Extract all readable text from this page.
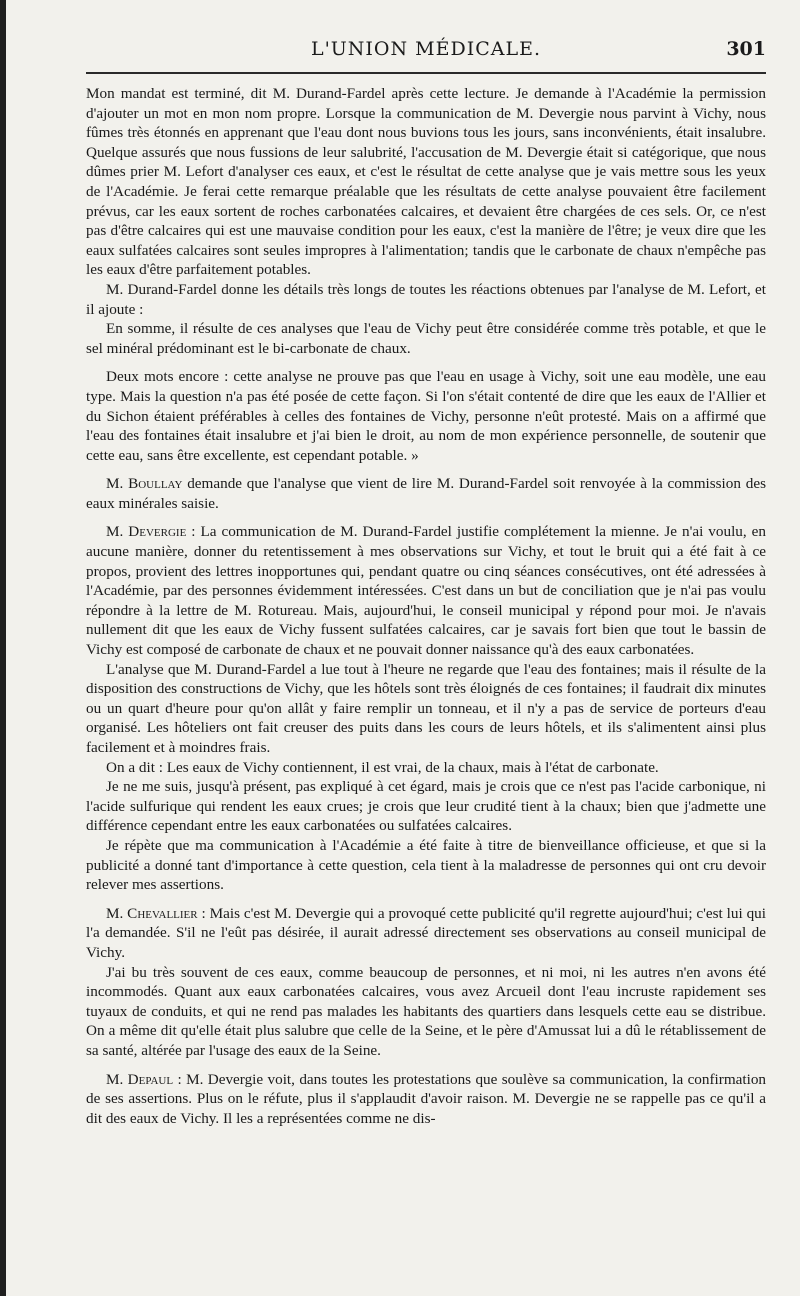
L'UNION MÉDICALE.	301

Mon mandat est terminé, dit M. Durand-Fardel après cette lecture. Je demande à l'Académie la permission d'ajouter un mot en mon nom propre. Lorsque la communication de M. Devergie nous parvint à Vichy, nous fûmes très étonnés en apprenant que l'eau dont nous buvions tous les jours, sans inconvénients, était insalubre. Quelque assurés que nous fussions de leur salubrité, l'accusation de M. Devergie était si catégorique, que nous dûmes prier M. Lefort d'analyser ces eaux, et c'est le résultat de cette analyse que je vais mettre sous les yeux de l'Académie. Je ferai cette remarque préalable que les résultats de cette analyse pouvaient être facilement prévus, car les eaux sortent de roches carbonatées calcaires, et devaient être chargées de ces sels. Or, ce n'est pas d'être calcaires qui est une mauvaise condition pour les eaux, c'est la manière de l'être; je veux dire que les eaux sulfatées calcaires sont seules impropres à l'alimentation; tandis que le carbonate de chaux n'empêche pas les eaux d'être parfaitement potables.

M. Durand-Fardel donne les détails très longs de toutes les réactions obtenues par l'analyse de M. Lefort, et il ajoute :

En somme, il résulte de ces analyses que l'eau de Vichy peut être considérée comme très potable, et que le sel minéral prédominant est le bi-carbonate de chaux.

Deux mots encore : cette analyse ne prouve pas que l'eau en usage à Vichy, soit une eau modèle, une eau type. Mais la question n'a pas été posée de cette façon. Si l'on s'était contenté de dire que les eaux de l'Allier et du Sichon étaient préférables à celles des fontaines de Vichy, personne n'eût protesté. Mais on a affirmé que l'eau des fontaines était insalubre et j'ai bien le droit, au nom de mon expérience personnelle, de soutenir que cette eau, sans être excellente, est cependant potable. »

M. Boullay demande que l'analyse que vient de lire M. Durand-Fardel soit renvoyée à la commission des eaux minérales saisie.

M. Devergie : La communication de M. Durand-Fardel justifie complétement la mienne. Je n'ai voulu, en aucune manière, donner du retentissement à mes observations sur Vichy, et tout le bruit qui a été fait à ce propos, provient des lettres inopportunes qui, pendant quatre ou cinq séances consécutives, ont été adressées à l'Académie, par des personnes évidemment intéressées. C'est dans un but de conciliation que je n'ai pas voulu répondre à la lettre de M. Rotureau. Mais, aujourd'hui, le conseil municipal y répond pour moi. Je n'avais nullement dit que les eaux de Vichy fussent sulfatées calcaires, car je savais fort bien que tout le bassin de Vichy est composé de carbonate de chaux et ne pouvait donner naissance qu'à des eaux carbonatées.

L'analyse que M. Durand-Fardel a lue tout à l'heure ne regarde que l'eau des fontaines; mais il résulte de la disposition des constructions de Vichy, que les hôtels sont très éloignés de ces fontaines; il faudrait dix minutes ou un quart d'heure pour qu'on allât y faire remplir un tonneau, et il n'y a pas de service de porteurs d'eau organisé. Les hôteliers ont fait creuser des puits dans les cours de leurs hôtels, et ils s'alimentent ainsi plus facilement et à moindres frais.

On a dit : Les eaux de Vichy contiennent, il est vrai, de la chaux, mais à l'état de carbonate.

Je ne me suis, jusqu'à présent, pas expliqué à cet égard, mais je crois que ce n'est pas l'acide carbonique, ni l'acide sulfurique qui rendent les eaux crues; je crois que leur crudité tient à la chaux; bien que j'admette une différence cependant entre les eaux carbonatées ou sulfatées calcaires.

Je répète que ma communication à l'Académie a été faite à titre de bienveillance officieuse, et que si la publicité a donné tant d'importance à cette question, cela tient à la maladresse de personnes qui ont cru devoir relever mes assertions.

M. Chevallier : Mais c'est M. Devergie qui a provoqué cette publicité qu'il regrette aujourd'hui; c'est lui qui l'a demandée. S'il ne l'eût pas désirée, il aurait adressé directement ses observations au conseil municipal de Vichy.

J'ai bu très souvent de ces eaux, comme beaucoup de personnes, et ni moi, ni les autres n'en avons été incommodés. Quant aux eaux carbonatées calcaires, vous avez Arcueil dont l'eau incruste rapidement ses tuyaux de conduits, et qui ne rend pas malades les habitants des quartiers dans lesquels cette eau se distribue. On a même dit qu'elle était plus salubre que celle de la Seine, et le père d'Amussat lui a dû le rétablissement de sa santé, altérée par l'usage des eaux de la Seine.

M. Depaul : M. Devergie voit, dans toutes les protestations que soulève sa communication, la confirmation de ses assertions. Plus on le réfute, plus il s'applaudit d'avoir raison. M. Devergie ne se rappelle pas ce qu'il a dit des eaux de Vichy. Il les a représentées comme ne dis-
